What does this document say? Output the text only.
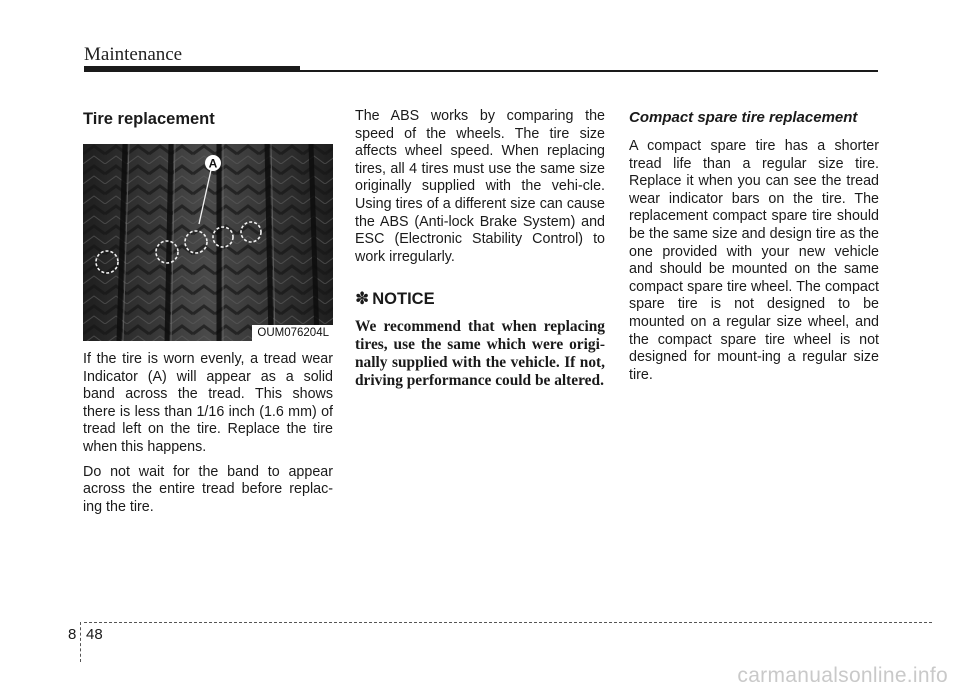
Maintenance
Tire replacement
A
OUM076204L

If the tire is worn evenly, a tread wear Indicator (A) will appear as a solid band across the tread. This shows there is less than 1/16 inch (1.6 mm) of tread left on the tire. Replace the tire when this happens.

Do not wait for the band to appear across the entire tread before replac-ing the tire.

The ABS works by comparing the speed of the wheels. The tire size affects wheel speed. When replacing tires, all 4 tires must use the same size originally supplied with the vehi-cle. Using tires of a different size can cause the ABS (Anti-lock Brake System) and ESC (Electronic Stability Control) to work irregularly.

✽ NOTICE

We recommend that when replacing tires, use the same which were origi-nally supplied with the vehicle. If not, driving performance could be altered.

Compact spare tire replacement

A compact spare tire has a shorter tread life than a regular size tire. Replace it when you can see the tread wear indicator bars on the tire. The replacement compact spare tire should be the same size and design tire as the one provided with your new vehicle and should be mounted on the same compact spare tire wheel. The compact spare tire is not designed to be mounted on a regular size wheel, and the compact spare tire wheel is not designed for mount-ing a regular size tire.

8 48
carmanualsonline.info
